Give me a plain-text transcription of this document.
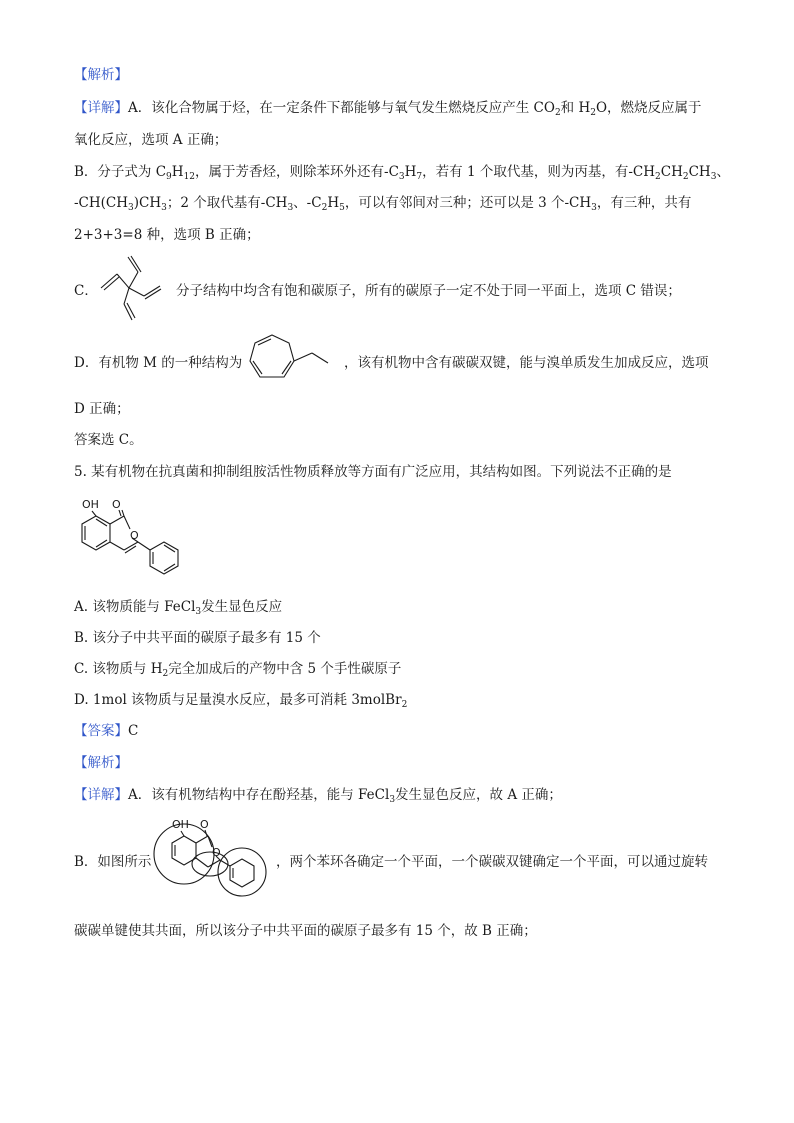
【解析】
【详解】A．该化合物属于烃，在一定条件下都能够与氧气发生燃烧反应产生 $CO_2$和 $H_2O$，燃烧反应属于
氧化反应，选项 A 正确；
B．分子式为 $C_9H_{12}$，属于芳香烃，则除苯环外还有$-C_3H_7$，若有 1 个取代基，则为丙基，有$-CH_2CH_2CH_3$、
$-CH(CH_3)CH_3$；2 个取代基有$-CH_3$、$-C_2H_5$，可以有邻间对三种；还可以是 3 个$-CH_3$，有三种，共有
2+3+3=8 种，选项 B 正确；
C．	分子结构中均含有饱和碳原子，所有的碳原子一定不处于同一平面上，选项 C 错误；
D．有机物 M 的一种结构为	，该有机物中含有碳碳双键，能与溴单质发生加成反应，选项
D 正确；
答案选 C。
5. 某有机物在抗真菌和抑制组胺活性物质释放等方面有广泛应用，其结构如图。下列说法不正确的是
OH O
O
A. 该物质能与 FeCl$_3$发生显色反应
B. 该分子中共平面的碳原子最多有 15 个
C. 该物质与 $H_2$完全加成后的产物中含 5 个手性碳原子
D. 1mol 该物质与足量溴水反应，最多可消耗 3molBr$_2$
【答案】C
【解析】
【详解】A．该有机物结构中存在酚羟基，能与 FeCl$_3$发生显色反应，故 A 正确；
B．如图所示
OH O
O
，两个苯环各确定一个平面，一个碳碳双键确定一个平面，可以通过旋转
碳碳单键使其共面，所以该分子中共平面的碳原子最多有 15 个，故 B 正确；
